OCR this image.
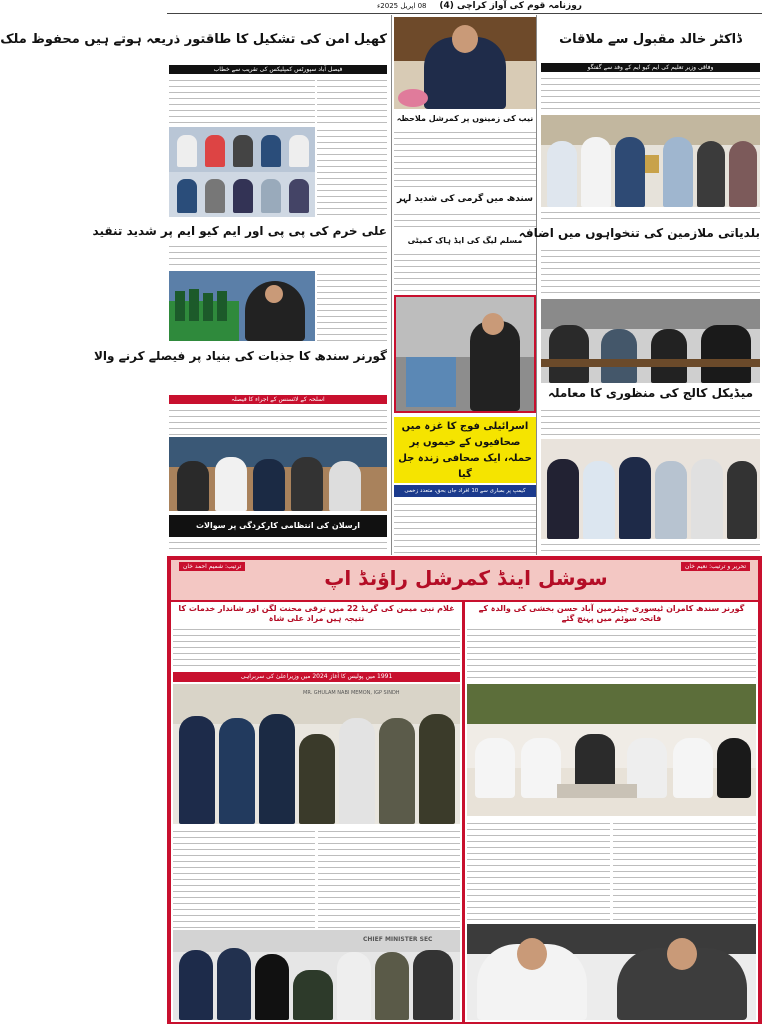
روزنامہ قوم کی آواز کراچی (4)
08 اپریل 2025ء
کھیل امن کی تشکیل کا طاقتور ذریعہ ہوتے ہیں محفوظ ملک
فیصل آباد سپورٹس کمپلیکس کی تقریب سے خطاب
علی خرم کی پی پی اور ایم کیو ایم پر شدید تنقید
گورنر سندھ کا جذبات کی بنیاد پر فیصلے کرنے والا
اسلحہ کے لائسنس کے اجراء کا فیصلہ
ارسلان کی انتظامی کارکردگی پر سوالات
نیب کی زمینوں پر کمرشل ملاحظہ
سندھ میں گرمی کی شدید لہر
مسلم لیگ کی ایڈ ہاک کمیٹی
اسرائیلی فوج کا غزہ میں صحافیوں کے خیموں پر حملہ، ایک صحافی زندہ جل گیا
کیمپ پر بمباری سے 10 افراد جاں بحق، متعدد زخمی
ڈاکٹر خالد مقبول سے ملاقات
وفاقی وزیر تعلیم کی ایم کیو ایم کے وفد سے گفتگو
بلدیاتی ملازمین کی تنخواہوں میں اضافہ
میڈیکل کالج کی منظوری کا معاملہ
تحریر و ترتیب: نعیم خان
سوشل اینڈ کمرشل راؤنڈ اپ
ترتیب: شمیم احمد خان
غلام نبی میمن کی گریڈ 22 میں ترقی محنت لگن اور شاندار خدمات کا نتیجہ ہیں مراد علی شاہ
1991 میں پولیس کا آغاز 2024 میں وزیراعلیٰ کی سربراہی
MR. GHULAM NABI MEMON, IGP SINDH
CHIEF MINISTER SEC
گورنر سندھ کامران ٹیسوری چیئرمین آباد حسن بخشی کی والدہ کے فاتحہ سوئم میں پہنچ گئے
